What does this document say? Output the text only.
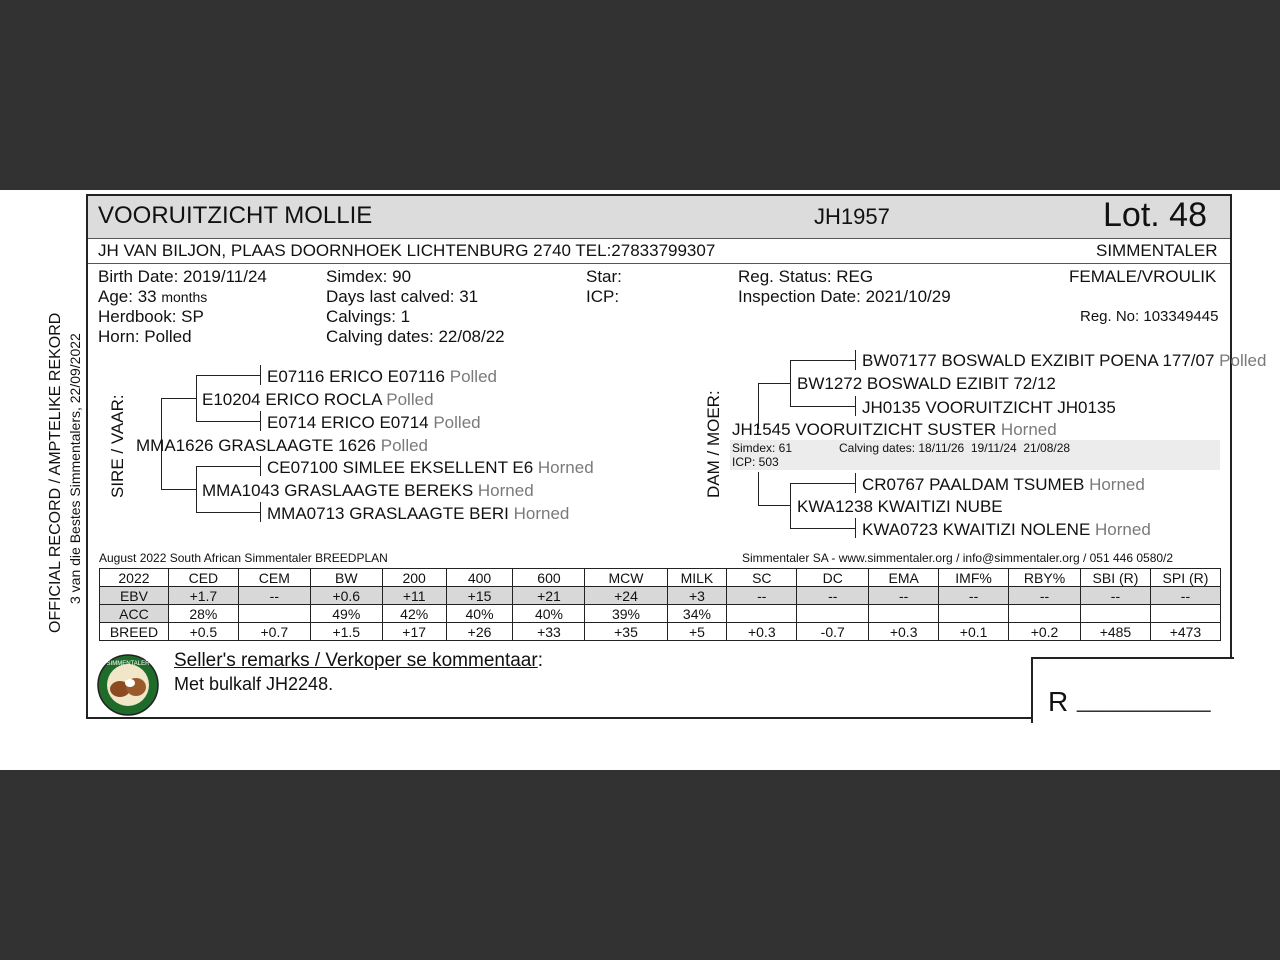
OFFICIAL RECORD / AMPTELIKE REKORD 3 van die Bestes Simmentalers, 22/09/2022
VOORUITZICHT MOLLIE	JH1957	Lot. 48
JH VAN BILJON, PLAAS DOORNHOEK LICHTENBURG 2740 TEL:27833799307	SIMMENTALER
Birth Date: 2019/11/24
Age: 33 months
Herdbook: SP
Horn: Polled
Simdex: 90
Days last calved: 31
Calvings: 1
Calving dates: 22/08/22
Star:
ICP:
Reg. Status: REG
Inspection Date: 2021/10/29
FEMALE/VROULIK
Reg. No: 103349445
SIRE / VAAR:	DAM / MOER:
E07116 ERICO E07116 Polled
E10204 ERICO ROCLA Polled
E0714 ERICO E0714 Polled
MMA1626 GRASLAAGTE 1626 Polled
CE07100 SIMLEE EKSELLENT E6 Horned
MMA1043 GRASLAAGTE BEREKS Horned
MMA0713 GRASLAAGTE BERI Horned
BW07177 BOSWALD EXZIBIT POENA 177/07 Polled
BW1272 BOSWALD EZIBIT 72/12
JH0135 VOORUITZICHT JH0135
JH1545 VOORUITZICHT SUSTER Horned
Simdex: 61	Calving dates: 18/11/26  19/11/24  21/08/28
ICP: 503
CR0767 PAALDAM TSUMEB Horned
KWA1238 KWAITIZI NUBE
KWA0723 KWAITIZI NOLENE Horned
August 2022 South African Simmentaler BREEDPLAN	Simmentaler SA - www.simmentaler.org / info@simmentaler.org / 051 446 0580/2
2022	CED	CEM	BW	200	400	600	MCW	MILK	SC	DC	EMA	IMF%	RBY%	SBI (R)	SPI (R)
EBV	+1.7	--	+0.6	+11	+15	+21	+24	+3	--	--	--	--	--	--	--
ACC	28%		49%	42%	40%	40%	39%	34%							
BREED	+0.5	+0.7	+1.5	+17	+26	+33	+35	+5	+0.3	-0.7	+0.3	+0.1	+0.2	+485	+473
SIMMENTALER Seller's remarks / Verkoper se kommentaar:
Met bulkalf JH2248.
R __________
